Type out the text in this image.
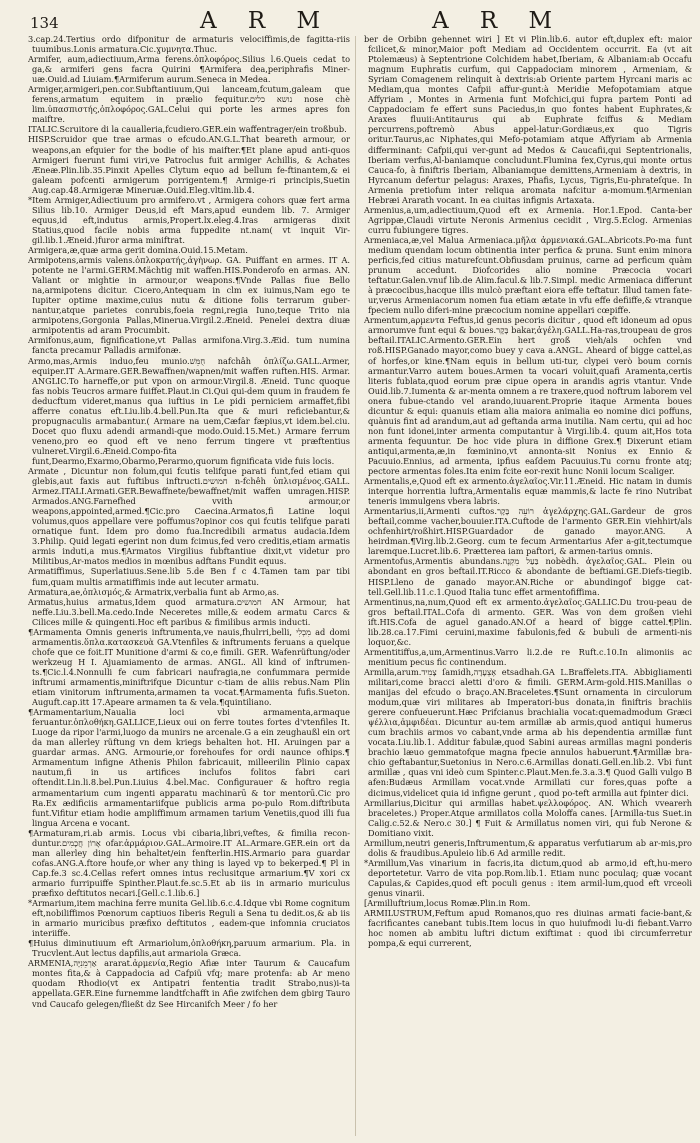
134	A R M	A R M

3.cap.24.Tertius ordo difponitur de armaturis velociffimis,de fagitta-riis tuumibus.Lonis armatura.Cic.ɣυμνητα.Thuc.

Armifer, aum,adiectiuum,Arma ferens.ὁπλοφόρος.Silius l.6.Queis cedat to ga,& armiferi gens facra Quirini ¶Armifera dea,periphrafis Miner-uæ.Ouid.ad Liuiam.¶Armiferum aurum.Seneca in Medea.

Armiger,armigeri,pen.cor.Subftantiuum,Qui lanceam,fcutum,galeam que ferens,armatum equitem in prælio fequitur.נושא כלים nose chè lim.ὑπασπιστής,ὁπλοφόρος.GAL.Celui qui porte les armes apres fon maiftre.

ITALIC.Scruitore di la caualleria,fcudiero.GER.ein waffentrager/ein troßbub.

HISP.Scruidor que trae armas o efcudo.AN.G.L.That beareth armour, or weapons,an efquier for the bodie of his maifter.¶Et plane apud anti-quos Armigeri fuerunt fumi viri,ve Patroclus fuit armiger Achillis, & Achates Æneæ.Plin.lib.35.Pinxit Apelles Clytum equo ad bellum fe-ftinantem,& ei galeam pofcenti armigerum porrigentem.¶ Armige-ri principis,Suetin Aug.cap.48.Armigeræ Mineruæ.Ouid.Eleg.vltim.lib.4.

*Item Armiger,Adiectiuum pro armifero.vt , Armigera cohors quæ fert arma Silius lib.10. Armiger Deus,id eft Mars,apud eundem lib. 7. Armiger equus,id eft,indutus armis,Propert.lx.eleg.4.Iras armigeras dixit Statius,quod facile nobis arma fuppedite nt.nam( vt inquit Vir-gil.lib.1.Æneid.)furor arma miniftrat.

Armigera,æ,quæ arma gerit domina.Ouid.15.Metam.

Armipotens,armis valens.ὁπλοκρατής,ἀγὴνωρ. GA. Puiffant en armes. IT A. potente ne l'armi.GERM.Mächtig mit waffen.HIS.Ponderofo en armas. AN. Valiant or mightie in armour,or weapons.¶Vnde Pallas fiue Bello na,armipotens dicitur. Cicero,Antequam in clm ex iuimus,Nam ego te Iupiter optime maxime,cuius nutu & ditione folis terrarum guber-nantur,atque parietes conrubis,foeia regni,regia Iuno,teque Trito nia armipotens,Gorgonia Pallas,Minerua.Virgil.2.Æneid. Penelei dextra diuæ armipotentis ad aram Procumbit.

Armifonus,aum, fignificatione,vt Pallas armifona.Virg.3.Æid. tum numina fancta precamur Palladis armifonæ.

Armo,mas,Armis induo,feu munio.חֻמֵּשׁ nafchâh ὁπλίζω.GALL.Armer, equiper.IT A.Armare.GER.Bewaffnen/wapnen/mit waffen ruften.HIS. Armar. ANGLIC.To harneffe,or put vpon on armour.Virgil.8. Æneid. Tunc quoque fas nobis Teucros armare fuiffet.Plaut.in Ci.Qui qui-dem quum in fraudem fe deducftum videret,manus qua iuftius in Le pidi perniciem armaffet,fibi afferre conatus eft.Liu.lib.4.bell.Pun.Ita que & muri reficiebantur,& propugnaculis armabantur.( Armare na uem,Cæfar fæpius,vt idem.bel.ciu. Docet quo fluxu adendi armandi-que modo.Ouid.15.Met.) Armare ferrum veneno,pro eo quod eft ve neno ferrum tingere vt præftentius vulneret.Virgil.6.Æneid.Compo-fita funt,Dearmo,Exarmo,Obarmo,Perarmo,quorum fignificata vide fuis locis.

Armate , Dicuntur non folum,qui fcutis telifque parati funt,fed etiam qui glebis,aut faxis aut fuftibus inftructi.חמושים n-fchêh ὑπλισμένος.GALL. Armez.ITALI.Armati.GER.Bewaffnete/bewaffnet/mit waffen umragen.HISP. Armados.ANG.Farnefhed vvith armour,or weapons,appointed,armed.¶Cic.pro Caecina.Armatos,fi Latine loqui volumus,quos appellare vere poffumus?opinor cos qui fcutis telifque parati ornatique funt. Idem pro domo fua.Incredibili armatus audacia.Idem 3.Philip. Quid legati egerint non dum fcimus,fed vero creditis,etiam armatis armis induti,a mus.¶Armatos Virgilius fubftantiue dixit,vt videtur pro Militibus,Ar-matos medios in mœnibus adftans Fundit equus.

Armatiffimus, Superlatiuus.Sene.lib 5.de Ben f c 4.Tamen tam par tibi fum,quam multis armatiffimis inde aut lecuter armatu.

Armatura,ae,ὁπλισμός,& Armatrix,verbalia funt ab Armo,as.

Armatus,huius armatus,Idem quod armatura.חמושים AN Armour, hat neffe.Liu.3.bell.Ma.cedo.Inde Neceretes mille,& eodem armatu Carcs & Cilices mille & quingenti.Hoc eft paribus & fimilibus armis inducti.

¶Armamenta Omnis generis inftrumenta,ve nauis,fhulrri,belli, מִכְלִי ad domi armamentis.ὅπλα.κατασκευὰ GA.Vtenfiles & inftruments feruans a quelque chofe que ce foit.IT Munitione d'armi & co,e fimili. GER. Wafenrüftung/oder werkzeug H I. Ajuamiamento de armas. ANGL. All kind of inftrumen-ts.¶Cic.l.4.Nonnulli fe cum fabricari naufragia,ne confummara permide inftrumi armamentis,miniftrifque Dicuntur c-tiam de aliis rebus.Nam Plin etiam vinitorum inftrumenta,armamen ta vocat.¶Armamenta fufis.Sueton. Auguft.cap.itt 17.Apeare armamen ta & vela.¶quintiliano.

¶Armamentarium,Naualia loci vbi armamenta,armaque feruantur.ὁπλοθήκη.GALLICE,Lieux oui on ferre toutes fortes d'vtenfiles It. Luoge da ripor l'armi,luogo da munirs ne arcenale.G a ein zeughaußl ein ort da man allerley rüftung vn dem kriegs behalten hot. HI. Aruingen par a guardar armas. ANG. Armourie,or forehoufes for ordi naunce ofhips.¶ Armamentum infigne Athenis Philon fabricauit, milleerilin Plinio capax nautum,fi in us artifices inclufos folitos fabri cari oftendit.Lin.li.8.bel.Pun.Liuius 4.bel.Mac. Configurauer & hoftro regia armamentarium cum ingenti apparatu machinarū & tor mentorū.Cic pro Ra.Ex ædificiis armamentariifque publicis arma po-pulo Rom.diftributa funt.Vifitur etiam hodie ampliffimum armamen tarium Venetiis,quod illi fua lingua Arcena e vocant.

¶Armaturam,ri.ab armis. Locus vbi cibaria,libri,veftes, & fimilia recon-duntur.אָרוֹן חֲכָמִים ofar.ἀρμάριον.GAL.Armoire.IT AL.Armare.GER.ein ort da man allerley ding hin behaltet/ein fenfterlin.HIS.Armario para guardar cofas.ANG.A.ftore houfe,or wher any thing is layed vp to bekerped.¶ Pl in Cap.fe.3 sc.4.Cellas refert omnes intus reclusitque armarium.¶V xori cx armario furripuiffe Spinther.Plaut.fe.sc.5.Et ab iis in armario muriculus præfixo deftitutos necari.[Gell.c.1.lib.6.]

*Armarium,item machina ferre munita Gel.lib.6.c.4.Idque vbi Rome cognitum eft,nobiliffimos Pœnorum captiuos Iiberis Reguli a Sena tu dedit.os,& ab iis in armario muricibus præfixo deftitutos , eadem-que infomnia cruciatos interiiffe.

¶Huius diminutiuum eft Armariolum,ὁπλοθήκη,paruum armarium. Pla. in Trucvlent.Aut lectus dapfilis,aut armariola Græca.

ARMENIA,אַרְמֵנִיָּה ararat.ἀρμενία,Regio Afiæ inter Taurum & Caucafum montes fita,& à Cappadocia ad Cafpiü vfq; mare protenfa: ab Ar meno quodam Rhodio(vt ex Antipatri fententia tradit Strabo,nus)i-ta appellata.GER.Eine furnemme landtfchafft in Afie zwifchen dem gbirg Tauro vnd Caucafo gelegen/fließt dz See Hircanifch Meer / fo her

ber de Orbibn gehennet wiri ] Et vi Plin.lib.6. autor eft,duplex eft: maior fcilicet,& minor,Maior poft Mediam ad Occidentem occurrit. Ea (vt ait Ptolemæus) à Septentrione Colchidem habet,Iberiam, & Albaniam:ab Occafu magnum Euphratis curfum, qui Cappadociam minorem , Armeniam, & Syriam Comagenem relinquit à dextris:ab Oriente partem Hyrcani maris ac Mediam,qua montes Cafpii affur-gunt:à Meridie Mefopotamiam atque Affyriam , Montes in Armenia funt Mofchici,qui fupra partem Ponti ad Cappadociam fe effert suns Paciedus,in quo fontes habent Euphrates,& Araxes fluuii:Antitaurus qui ab Euphrate fciffus & Mediam percurrens,poftremò Abus appel-latur:Gordiæus,ex quo Tigris oritur.Taurus,ac Niphates,qui Mefo-potamiam atque Affyriam ab Armenia differminant: Cafpii,qui ver-gunt ad Medos & Caucafii,qui Septentrionalis, Iberiam verfus,Al-baniamque concludunt.Flumina fex,Cyrus,qui monte ortus Cauca-fo, à finiftris Iberiam, Albaniamque demittens,Armeniam à dextris, in Hyrcanum defertur pelagus: Araxes, Phafis, Lycus, Tigris,Eu-phrateſque. In Armenia pretiofum inter reliqua aromata nafcitur a-momum.¶Armenian Hebræi Ararath vocant. In ea ciuitas infignis Artaxata.

Armenius,a,um,adiectiuum,Quod eft ex Armenia. Hor.1.Epod. Canta-ber Agrippæ,Claudi virtute Neronis Armenius cecidit , Virg.5.Eclog. Armenias curru fubiungere tigres.

Armeniaca,æ,vel Malua Armeniaca.μῆλα ἀρμενιακά.GAL.Abricots.Po-ma funt medium quendam locum obtinentia inter perfica & pruna. Sunt enim minora perficis,fed citius maturefcunt.Obfiusdam pruinus, carne ad perficum quàm prunum accedunt. Diofcorides alio nomine Præcocia vocari teftatur.Galen.vnuf lib.de Alim.facul.& lib.7.Simpl. medic Armeniaca differunt à præcocibus,hacque illis mulcò præftant eiora effe teftatur. Illud tamen fate-ur,verus Armeniacorum nomen fua etiam ætate in vfu effe defiiffe,& vtranque fpeciem nullo diferi-mine præcocium nomine appellari cœpiffe.

Armentum,aρμεντα Feftus,id genus pecoris dicitur , quod eft idoneum ad opus armorumve funt equi & boues.בָּקָר bakar,ἀγέλη.GALL.Ha-ras,troupeau de gros beftail.ITALIC.Armento.GER.Ein hert groß vieh/als ochfen vnd roß.HISP.Ganado mayor,como buey y cava a.ANGL. Aheard of bigge cattel,as of horfes,or kine.¶Nam equis in bellum uti-tur, clypei verò boum cornis armantur.Varro autem boues.Armen ta vocari voluit,quafi Aramenta,certis literis fublata,quod eorum præ cipue opera in arandis agris vtantur. Vnde Ouid.lib.7.Iumenta & ar-menta omnem a re traxere,quod noftrum laborem vel onera fubue-ctando vel arando,iuuarent.Proprie itaque Armenta boues dicuntur & equi: quanuis etiam alia maiora animalia eo nomine dici poffuns, quànuis fint ad arandum,aut ad geftanda arma inutilia. Nam certu, qui ad hoc non funt idonei,inter armenta computantur à Virgi.lib.4. quum ait,Hos tota armenta fequuntur. De hoc vide plura in diffione Grex.¶ Dixerunt etiam antiqui,armenta,æ,in fœminino,vt annonta-sit Nonius ex Ennio & Pacuuio.Ennius, ad armenta, ipfius eaſdem Pacuuius.Tu cornu fronte atq; pectore armentas foles.Ita enim fcite eor-rexit hunc Nonii locum Scaliger.

Armentalis,e,Quod eft ex armento.ἀγελαῖος.Vir.11.Æneid. Hic natam in dumis interque horrentia luftra,Armentalis equæ mammis,& lacte fe rino Nutribat teneris immulgens vbera labris.

Armentarius,ii,Armenti cuftos.רוֹעֵה בָּקָר ἀγελάρχης.GAL.Gardeur de gros beftail,comme vacher,bouuier.ITA.Cuftode de l'armento GER.Ein viehhirt/als ochfenhirt/roßhirt.HISP.Guardador de ganado mayor.ANG. A heirdman.¶Virg.lib.2.Georg. cum te fecum Armentarius Afer a-git,tectumque laremque.Lucret.lib.6. Prætterea iam paftori, & armen-tarius omnis.

Armentofus,Armentis abundans.בַּעַל מִקְנֶה nobèdh. ἀγελαῖος.GAL. Plein ou abondant en gros beftail.IT.Ricco & abondante de beftiami.GE.Diefs-tiegib. HISP.Lleno de ganado mayor.AN.Riche or abundingof bigge cat-tell.Gell.lib.11.c.1.Quod Italia tunc effet armentofiffima.

Armentinus,na,num,Quod eft ex armento.ἀγελαῖος.GALLIC.Du trou-peau de gros beftail.ITAL.Cofa di armento. GER. Was von dem großen viehi ift.HIS.Cofa de aguel ganado.AN.Of a heard of bigge cattel.¶Plin. lib.28.ca.17.Fimi ceruini,maxime fabulonis,fed & bubuli de armenti-nis loquor,&c.

Armentitiffus,a,um,Armentinus.Varro li.2.de re Ruft.c.10.In alimoniis ac menitium pecus fic continendum.

Armilla,arum.צָמִיד ſamidh,אֶצְעָדָה etsadhah.GA L.Braffelets.ITA. Abbigliamenti militari,come bracci aletti d'oro & fimili. GERM.Arm-gold.HIS.Manillas o manijas del efcudo o braço.AN.Braceletes.¶Sunt ornamenta in circulorum modum,quæ viri militares ab Imperatori-bus donata,in finiftris brachiis gerere confueuerunt.Hæc Prifcianus brachialia vocat:quemadmodum Græci ψέλλια,ἀμφιδέαι. Dicuntur au-tem armillæ ab armis,quod antiqui humerus cum brachiis armos vo cabant,vnde arma ab his dependentia armillæ funt vocata.Liu.lib.1. Additur fabulæ,quod Sabini aureas armillas magni ponderis brachio læuo gemmatofque magna fpecie annulos habuerunt.¶Armillæ bra-chio geftabantur,Suetonius in Nero.c.6.Armillas donati.Gell.en.lib.2. Vbi funt armillæ , quas vni ideò cum Spinter.c.Plaut.Men.fe.3.a.3.¶ Quod Galli vulgo B afen:Budæus Armillam vocat.vnde Armillati cur fores,quas pofte a dicimus,videlicet quia id infigne gerunt , quod po-teft armilla aut fpinter dici.

Armillarius,Dicitur qui armillas habet.ψελλοφόρος. AN. Which vvearerh braceletes.) Proper.Atque armillatos colla Moloffa canes. [Armilla-tus Suet.in Calig.c.52.& Nero.c 30.] ¶ Fuit & Armillatus nomen viri, qui fub Nerone & Domitiano vixit.

Armillum,neutri generis,Inftrumentum,& apparatus verfutiarum ab ar-mis,pro dolis & fraudibus.Apuleio lib.6 Ad armille redit.

*Armillum,Vas vinarium in facris,ita dictum,quod ab armo,id eft,hu-mero deportetetur. Varro de vita pop.Rom.lib.1. Etiam nunc poculaq; quæ vocant Capulas,& Capides,quod eft poculi genus : item armil-lum,quod eft vrceoli genus vinarii.

[Armilluftrium,locus Romæ.Plin.in Rom.

ARMILUSTRUM,Feftum apud Romanos,quo res diuinas armati facie-bant,& facrificantes canebant tubis.Item locus in quo huiufmodi lu-di fiebant.Varro hoc nomen ab ambitu luftri dictum exiftimat : quod ibi circumferretur pompa,& equi currerent,
